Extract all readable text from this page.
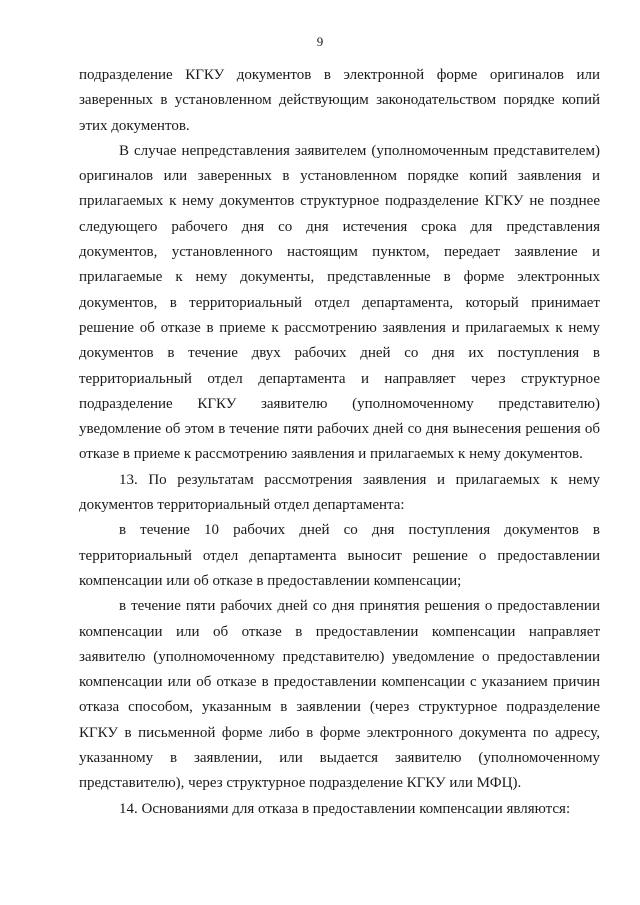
9

подразделение КГКУ документов в электронной форме оригиналов или заверенных в установленном действующим законодательством порядке копий этих документов.

В случае непредставления заявителем (уполномоченным представителем) оригиналов или заверенных в установленном порядке копий заявления и прилагаемых к нему документов структурное подразделение КГКУ не позднее следующего рабочего дня со дня истечения срока для представления документов, установленного настоящим пунктом, передает заявление и прилагаемые к нему документы, представленные в форме электронных документов, в территориальный отдел департамента, который принимает решение об отказе в приеме к рассмотрению заявления и прилагаемых к нему документов в течение двух рабочих дней со дня их поступления в территориальный отдел департамента и направляет через структурное подразделение КГКУ заявителю (уполномоченному представителю) уведомление об этом в течение пяти рабочих дней со дня вынесения решения об отказе в приеме к рассмотрению заявления и прилагаемых к нему документов.

13. По результатам рассмотрения заявления и прилагаемых к нему документов территориальный отдел департамента:

в течение 10 рабочих дней со дня поступления документов в территориальный отдел департамента выносит решение о предоставлении компенсации или об отказе в предоставлении компенсации;

в течение пяти рабочих дней со дня принятия решения о предоставлении компенсации или об отказе в предоставлении компенсации направляет заявителю (уполномоченному представителю) уведомление о предоставлении компенсации или об отказе в предоставлении компенсации с указанием причин отказа способом, указанным в заявлении (через структурное подразделение КГКУ в письменной форме либо в форме электронного документа по адресу, указанному в заявлении, или выдается заявителю (уполномоченному представителю), через структурное подразделение КГКУ или МФЦ).

14. Основаниями для отказа в предоставлении компенсации являются:
